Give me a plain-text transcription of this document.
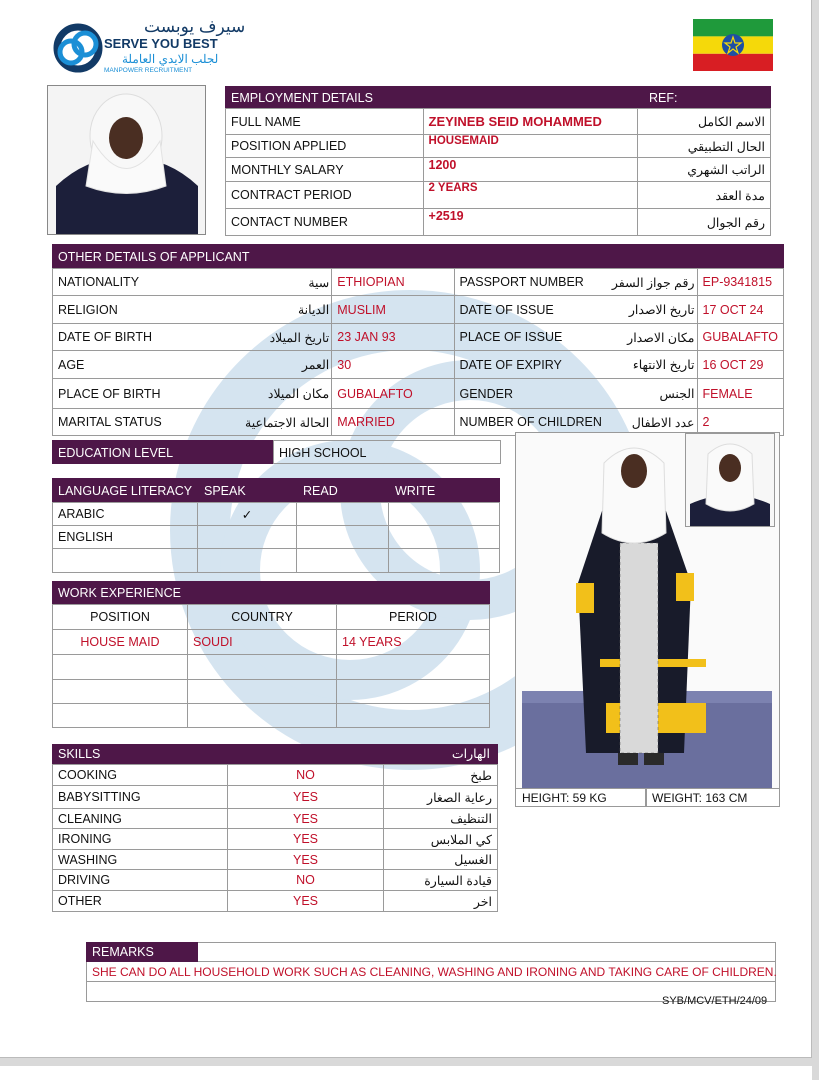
سيرف يوبست
SERVE YOU BEST
لجلب الايدي العاملة
MANPOWER RECRUITMENT
EMPLOYMENT DETAILS	REF:
FULL NAME	ZEYINEB SEID MOHAMMED	الاسم الكامل
POSITION APPLIED	HOUSEMAID	الحال التطبيقي
MONTHLY SALARY	1200	الراتب الشهري
CONTRACT PERIOD	2 YEARS	مدة العقد
CONTACT NUMBER	+2519	رقم الجوال
OTHER DETAILS OF APPLICANT
NATIONALITY	سية	ETHIOPIAN	PASSPORT NUMBER	رقم جواز السفر	EP-9341815
RELIGION	الديانة	MUSLIM	DATE OF ISSUE	تاريخ الاصدار	17 OCT 24
DATE OF BIRTH	تاريخ الميلاد	23 JAN 93	PLACE OF ISSUE	مكان الاصدار	GUBALAFTO
AGE	العمر	30	DATE OF EXPIRY	تاريخ الانتهاء	16 OCT 29
PLACE OF BIRTH	مكان الميلاد	GUBALAFTO	GENDER	الجنس	FEMALE
MARITAL STATUS	الحالة الاجتماعية	MARRIED	NUMBER OF CHILDREN	عدد الاطفال	2
EDUCATION LEVEL	HIGH SCHOOL
LANGUAGE LITERACY SPEAK	READ	WRITE
ARABIC	✓		
ENGLISH			

WORK EXPERIENCE
POSITION	COUNTRY	PERIOD
HOUSE MAID	SOUDI	14 YEARS

SKILLS	الهارات
COOKING	NO	طبخ
BABYSITTING	YES	رعاية الصغار
CLEANING	YES	التنظيف
IRONING	YES	كي الملابس
WASHING	YES	الغسيل
DRIVING	NO	قيادة السيارة
OTHER	YES	اخر
HEIGHT: 59 KG	WEIGHT: 163 CM
REMARKS
SHE CAN DO ALL HOUSEHOLD WORK SUCH AS CLEANING, WASHING AND IRONING AND TAKING CARE OF CHILDREN.
SYB/MCV/ETH/24/09
